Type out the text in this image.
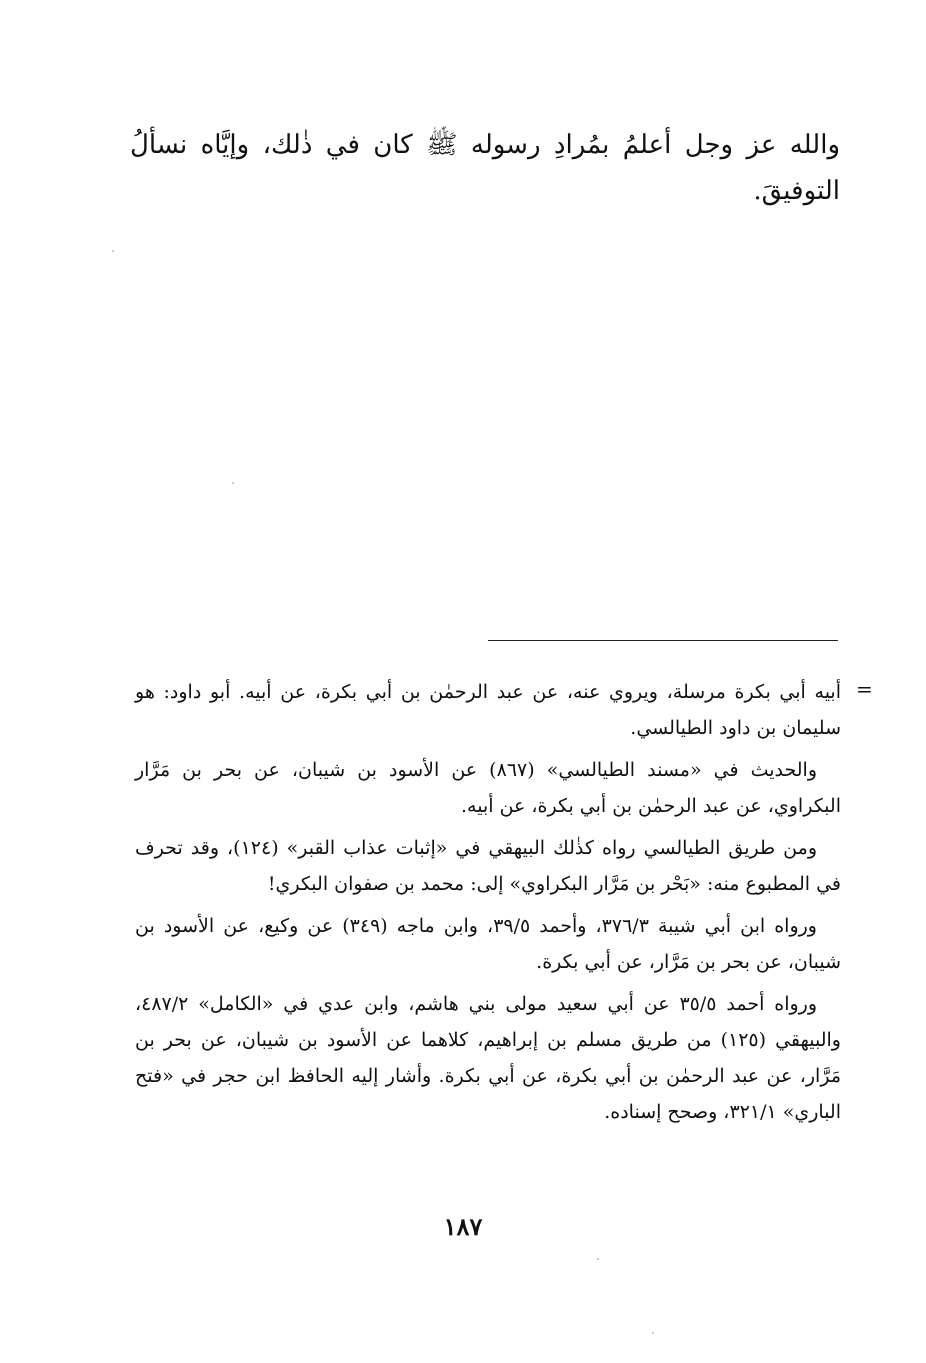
والله عز وجل أعلمُ بمُرادِ رسوله ﷺ كان في ذٰلك، وإيَّاه نسألُ التوفيقَ.

=

أبيه أبي بكرة مرسلة، ويروي عنه، عن عبد الرحمٰن بن أبي بكرة، عن أبيه. أبو داود: هو سليمان بن داود الطيالسي.

والحديث في «مسند الطيالسي» (٨٦٧) عن الأسود بن شيبان، عن بحر بن مَرَّار البكراوي، عن عبد الرحمٰن بن أبي بكرة، عن أبيه.

ومن طريق الطيالسي رواه كذٰلك البيهقي في «إثبات عذاب القبر» (١٢٤)، وقد تحرف في المطبوع منه: «بَحْر بن مَرَّار البكراوي» إلى: محمد بن صفوان البكري!

ورواه ابن أبي شيبة ٣٧٦/٣، وأحمد ٣٩/٥، وابن ماجه (٣٤٩) عن وكيع، عن الأسود بن شيبان، عن بحر بن مَرَّار، عن أبي بكرة.

ورواه أحمد ٣٥/٥ عن أبي سعيد مولى بني هاشم، وابن عدي في «الكامل» ٤٨٧/٢، والبيهقي (١٢٥) من طريق مسلم بن إبراهيم، كلاهما عن الأسود بن شيبان، عن بحر بن مَرَّار، عن عبد الرحمٰن بن أبي بكرة، عن أبي بكرة. وأشار إليه الحافظ ابن حجر في «فتح الباري» ٣٢١/١، وصحح إسناده.

١٨٧
